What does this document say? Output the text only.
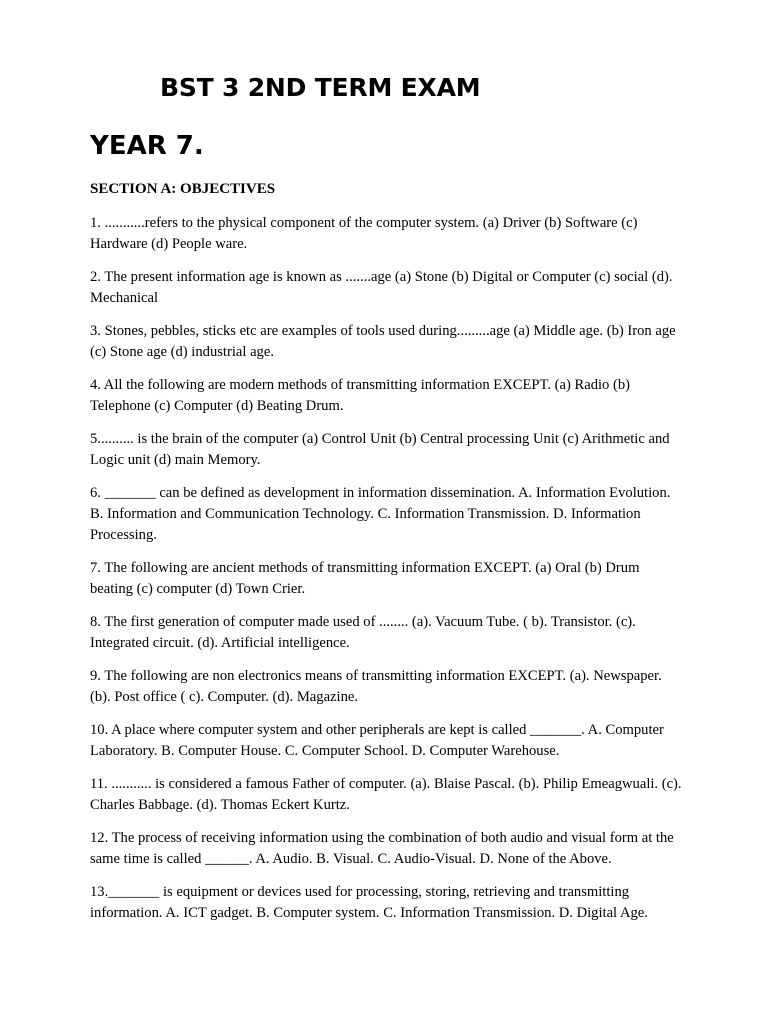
BST 3 2ND TERM EXAM
YEAR 7.
SECTION A: OBJECTIVES

1. ...........refers to the physical component of the computer system. (a) Driver (b) Software (c) Hardware (d) People ware.

2. The present information age is known as .......age (a) Stone (b) Digital or Computer (c) social (d). Mechanical

3. Stones, pebbles, sticks etc are examples of tools used during.........age (a) Middle age. (b) Iron age (c) Stone age (d) industrial age.

4. All the following are modern methods of transmitting information EXCEPT. (a) Radio (b) Telephone (c) Computer (d) Beating Drum.

5.......... is the brain of the computer (a) Control Unit (b) Central processing Unit (c) Arithmetic and Logic unit (d) main Memory.

6. _______ can be defined as development in information dissemination. A. Information Evolution. B. Information and Communication Technology. C. Information Transmission. D. Information Processing.

7. The following are ancient methods of transmitting information EXCEPT. (a) Oral (b) Drum beating (c) computer (d) Town Crier.

8. The first generation of computer made used of ........ (a). Vacuum Tube. ( b). Transistor. (c). Integrated circuit. (d). Artificial intelligence.

9. The following are non electronics means of transmitting information EXCEPT. (a). Newspaper. (b). Post office ( c). Computer. (d). Magazine.

10. A place where computer system and other peripherals are kept is called _______. A. Computer Laboratory. B. Computer House. C. Computer School. D. Computer Warehouse.

11. ........... is considered a famous Father of computer. (a). Blaise Pascal. (b). Philip Emeagwuali. (c). Charles Babbage. (d). Thomas Eckert Kurtz.

12. The process of receiving information using the combination of both audio and visual form at the same time is called ______. A. Audio. B. Visual. C. Audio-Visual. D. None of the Above.

13._______ is equipment or devices used for processing, storing, retrieving and transmitting information. A. ICT gadget. B. Computer system. C. Information Transmission. D. Digital Age.
